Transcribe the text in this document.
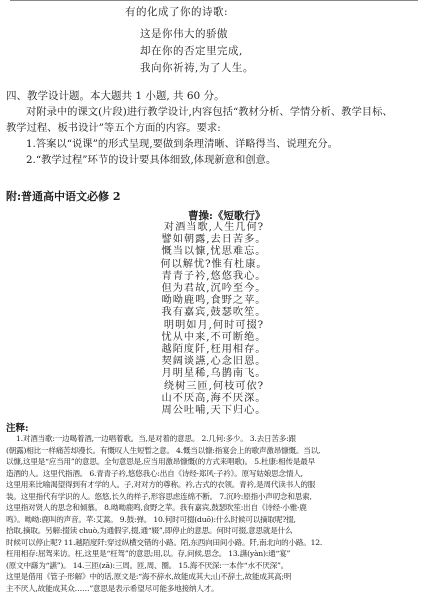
有的化成了你的诗歌:
这是你伟大的骄傲
却在你的否定里完成,
我向你祈祷,为了人生。
四、教学设计题。本大题共 1 小题, 共 60 分。
对附录中的课文(片段)进行教学设计,内容包括“教材分析、学情分析、教学目标、
教学过程、板书设计”等五个方面的内容。要求:
1.答案以“说课”的形式呈现,要做到条理清晰、详略得当、说理充分。
2.“教学过程”环节的设计要具体细致,体现新意和创意。
附:普通高中语文必修 2
曹操:《短歌行》
对酒当歌,人生几何?
譬如朝露,去日苦多。
慨当以慷,忧思难忘。
何以解忧?惟有杜康。
青青子衿,悠悠我心。
但为君故,沉吟至今。
呦呦鹿鸣,食野之苹。
我有嘉宾,鼓瑟吹笙。
明明如月,何时可掇?
忧从中来,不可断绝。
越陌度阡,枉用相存。
契阔谈讌,心念旧恩。
月明星稀,乌鹊南飞。
绕树三匝,何枝可依?
山不厌高,海不厌深。
周公吐哺,天下归心。
注释:
1.对酒当歌:一边喝着酒,一边唱着歌。当,是对着的意思。 2.几何:多少。 3.去日苦多:跟
(朝露)相比一样痛苦却漫长。有慨叹人生短暂之意。 4.慨当以慷:指宴会上的歌声激昂慷慨。当以,
以慷,这里是“应当用”的意思。全句意思是,应当用激昂慷慨(的方式来唱歌)。 5.杜康:相传是最早
造酒的人。这里代指酒。 6.青青子衿,悠悠我心:出自《诗经·郑风·子衿》。原写姑娘思念情人,
这里用来比喻渴望得到有才学的人。子,对对方的尊称。衿,古式的衣领。青衿,是周代读书人的服
装。这里指代有学识的人。悠悠,长久的样子,形容思虑连绵不断。 7.沉吟:原指小声叨念和思索,
这里指对贤人的思念和倾慕。 8.呦呦鹿鸣,食野之苹。我有嘉宾,鼓瑟吹笙:出自《诗经·小雅·鹿
鸣》。呦呦:鹿叫的声音。苹:艾蒿。 9.鼓:弹。 10.何时可掇(duō):什么时候可以摘取呢?掇,
拾取,摘取。另解:掇读 chuò,为通假字,掇,通“辍”,即停止的意思。何时可掇,意思就是什么
时候可以停止呢? 11.越陌度阡:穿过纵横交错的小路。陌,东西向田间小路。阡,南北向的小路。12.
枉用相存:屈驾来访。枉,这里是“枉驾”的意思;用,以。存,问候,思念。 13.讌(yàn):通“宴”
(原文中繇为“讌”)。 14.三匝(zā):三周。匝,周、圈。 15.海不厌深:一本作“水不厌深”。
这里是借用《管子·形解》中的话,原文是:“海不辞水,故能成其大;山不辞土,故能成其高;明
主不厌人,故能成其众……”意思是表示希望尽可能多地接纳人才。
